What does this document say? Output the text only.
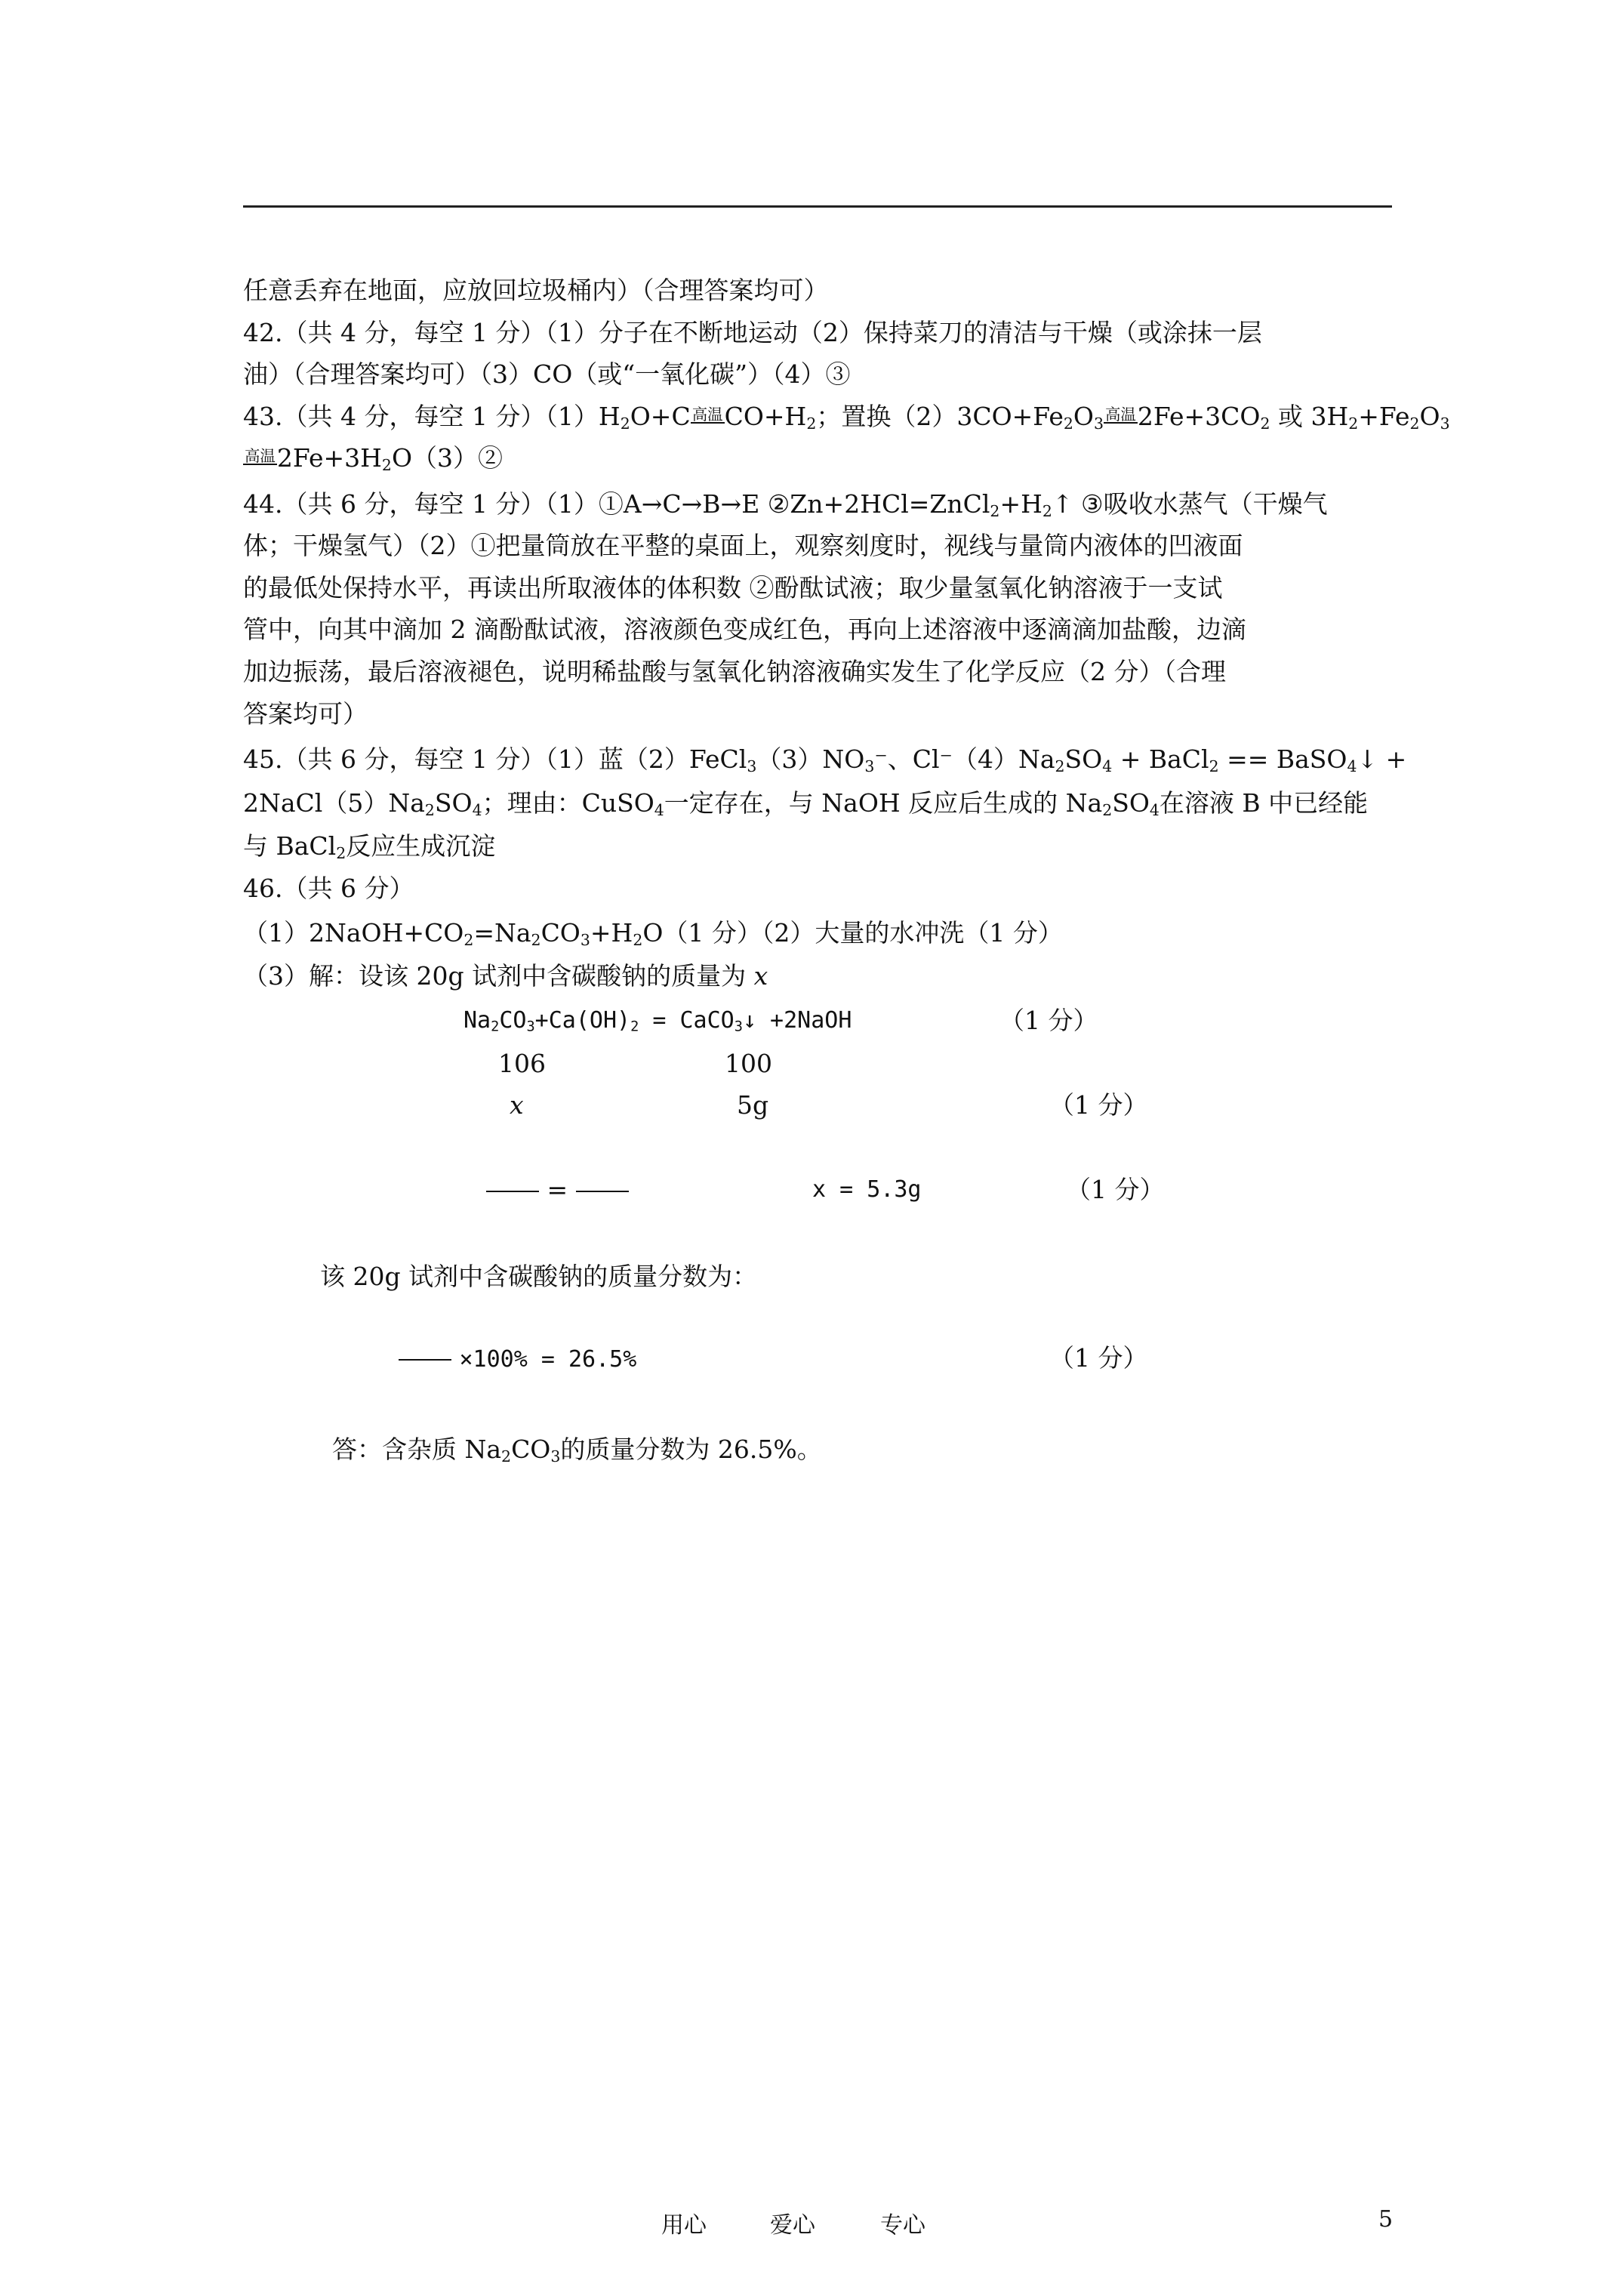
任意丢弃在地面，应放回垃圾桶内）（合理答案均可）
42.（共 4 分，每空 1 分）（1）分子在不断地运动（2）保持菜刀的清洁与干燥（或涂抹一层
油）（合理答案均可）（3）CO（或“一氧化碳”）（4）③
43.（共 4 分，每空 1 分）$(1)H_2O+C$高温$CO+H_2$；置换$(2)3CO+Fe_2O_3$高温$2Fe+3CO_2$ 或 $3H_2+Fe_2O_3$
高温$2Fe+3H_2O(3)②$
44.（共 6 分，每空 1 分）（1）①A→C→B→E $②Zn+2HCl=ZnCl_2+H_2↑$ ③吸收水蒸气（干燥气
体；干燥氢气）（2）①把量筒放在平整的桌面上，观察刻度时，视线与量筒内液体的凹液面
的最低处保持水平，再读出所取液体的体积数 ②酚酞试液；取少量氢氧化钠溶液于一支试
管中，向其中滴加 2 滴酚酞试液，溶液颜色变成红色，再向上述溶液中逐滴滴加盐酸，边滴
加边振荡，最后溶液褪色，说明稀盐酸与氢氧化钠溶液确实发生了化学反应（2 分）（合理
答案均可）
45.（共 6 分，每空 1 分）（1）蓝$(2)FeCl_3(3)NO_3^-$、$Cl^-(4)Na_2SO_4$ + BaCl$_2$ == BaSO$_4$↓ +
$2NaCl(5)Na_2SO_4$；理由：CuSO$_4$一定存在，与 NaOH 反应后生成的 $Na_2SO_4$在溶液 B 中已经能
与 BaCl$_2$反应生成沉淀
46.（共 6 分）
$(1)2NaOH+CO_2=Na_2CO_3+H_2O(1$ 分）（2）大量的水冲洗（1 分）
（3）解：设该 20g 试剂中含碳酸钠的质量为 x
$Na_2CO_3+Ca(OH)_2$ = CaCO$_3$↓ +2NaOH	（1 分）
106	100
x	5g	（1 分）
=	x = 5.3g	（1 分）
该 20g 试剂中含碳酸钠的质量分数为：
×100% = 26.5%	（1 分）
答：含杂质 $Na_2CO_3$的质量分数为 26.5%。
用心	爱心	专心	5
